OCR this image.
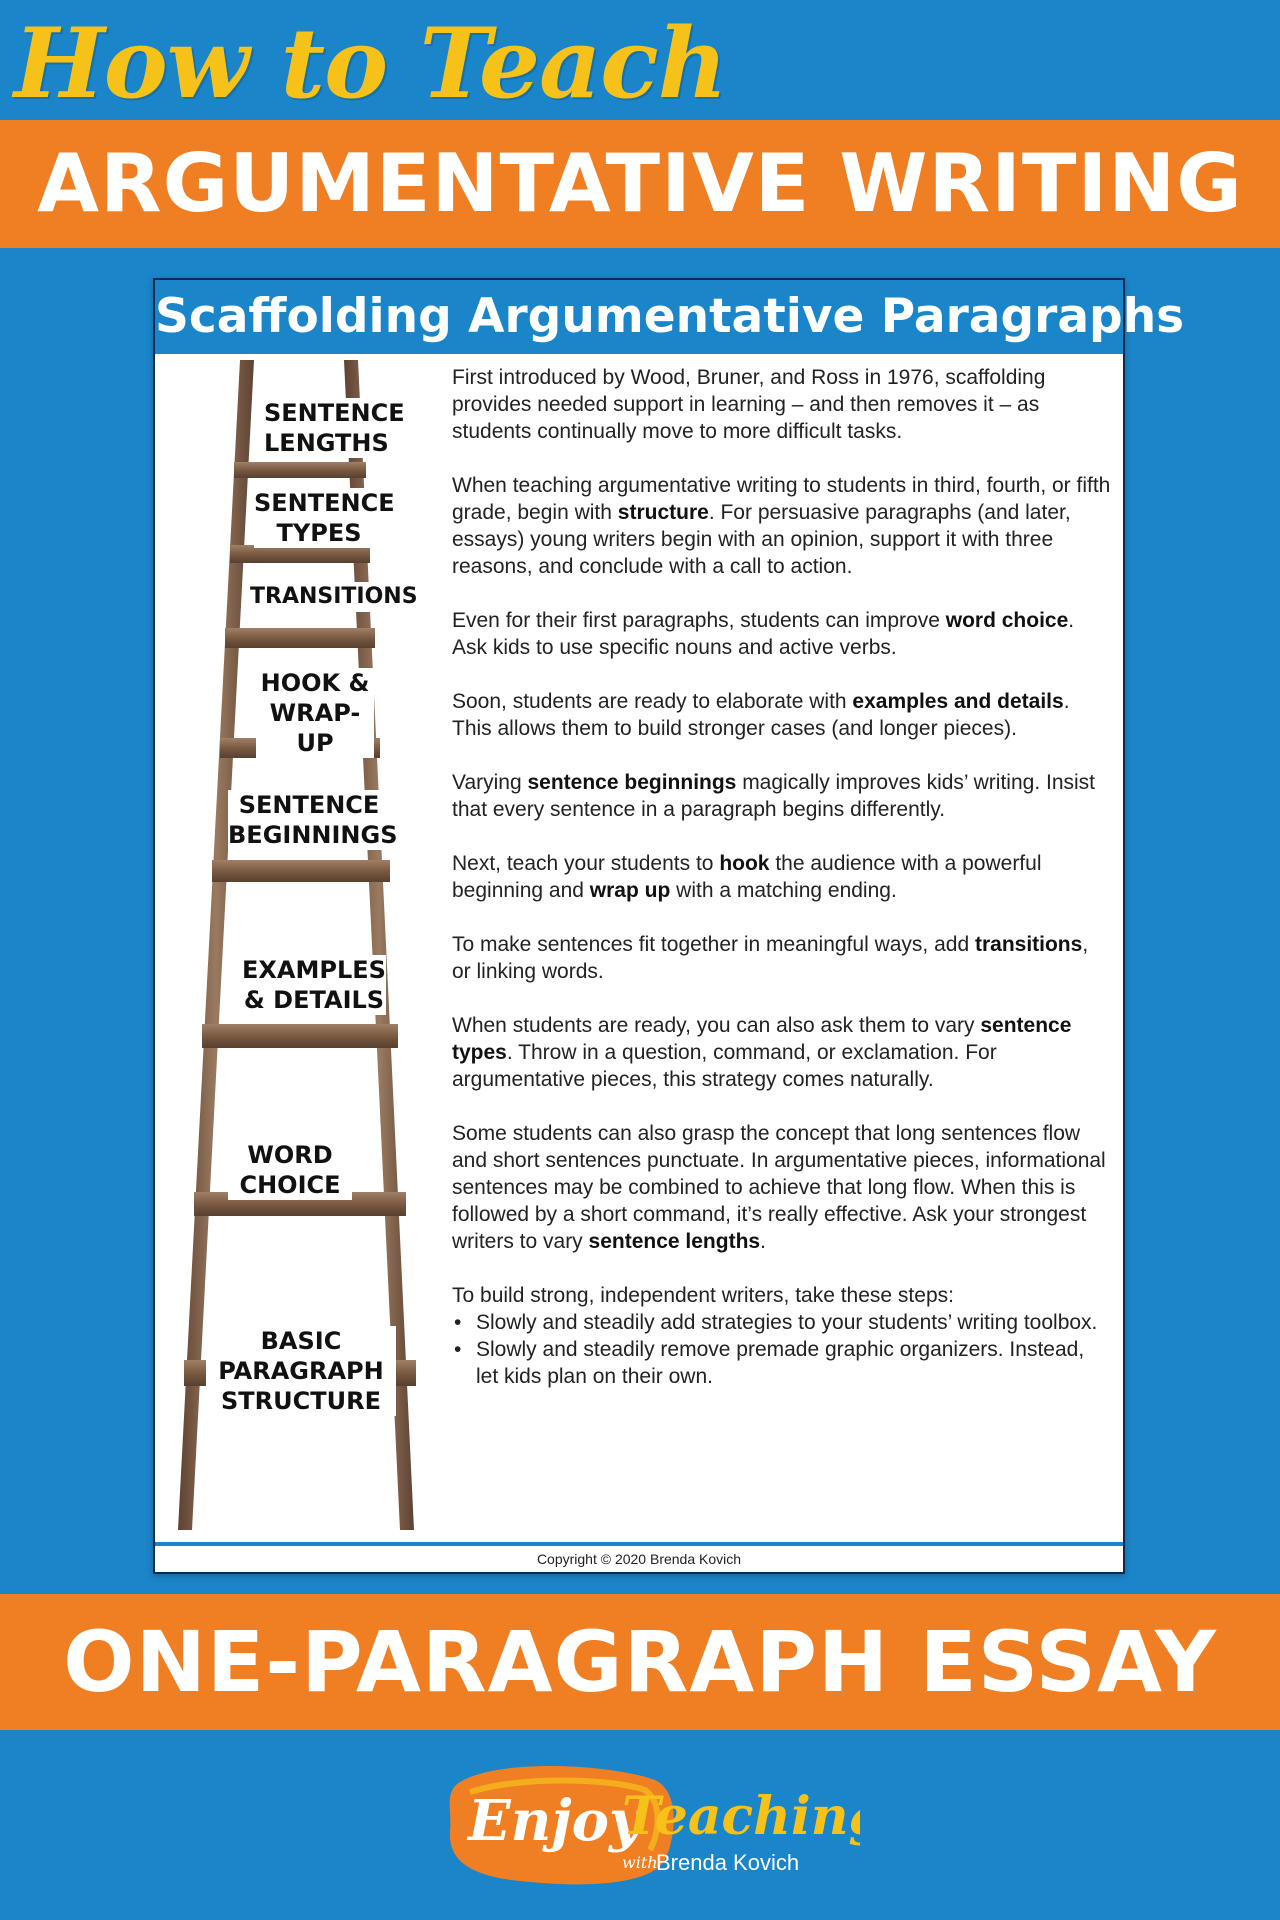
How to Teach
ARGUMENTATIVE WRITING
Scaffolding Argumentative Paragraphs
SENTENCE LENGTHS
SENTENCE TYPES
TRANSITIONS
HOOK & WRAP-UP
SENTENCE BEGINNINGS
EXAMPLES & DETAILS
WORD CHOICE
BASIC PARAGRAPH STRUCTURE

First introduced by Wood, Bruner, and Ross in 1976, scaffolding provides needed support in learning – and then removes it – as students continually move to more difficult tasks.

When teaching argumentative writing to students in third, fourth, or fifth grade, begin with structure. For persuasive paragraphs (and later, essays) young writers begin with an opinion, support it with three reasons, and conclude with a call to action.

Even for their first paragraphs, students can improve word choice. Ask kids to use specific nouns and active verbs.

Soon, students are ready to elaborate with examples and details. This allows them to build stronger cases (and longer pieces).

Varying sentence beginnings magically improves kids’ writing. Insist that every sentence in a paragraph begins differently.

Next, teach your students to hook the audience with a powerful beginning and wrap up with a matching ending.

To make sentences fit together in meaningful ways, add transitions, or linking words.

When students are ready, you can also ask them to vary sentence types. Throw in a question, command, or exclamation. For argumentative pieces, this strategy comes naturally.

Some students can also grasp the concept that long sentences flow and short sentences punctuate. In argumentative pieces, informational sentences may be combined to achieve that long flow. When this is followed by a short command, it’s really effective. Ask your strongest writers to vary sentence lengths.

To build strong, independent writers, take these steps:
• Slowly and steadily add strategies to your students’ writing toolbox.
• Slowly and steadily remove premade graphic organizers. Instead, let kids plan on their own.
Copyright © 2020 Brenda Kovich
ONE-PARAGRAPH ESSAY
Enjoy
Teaching
with
Brenda Kovich
